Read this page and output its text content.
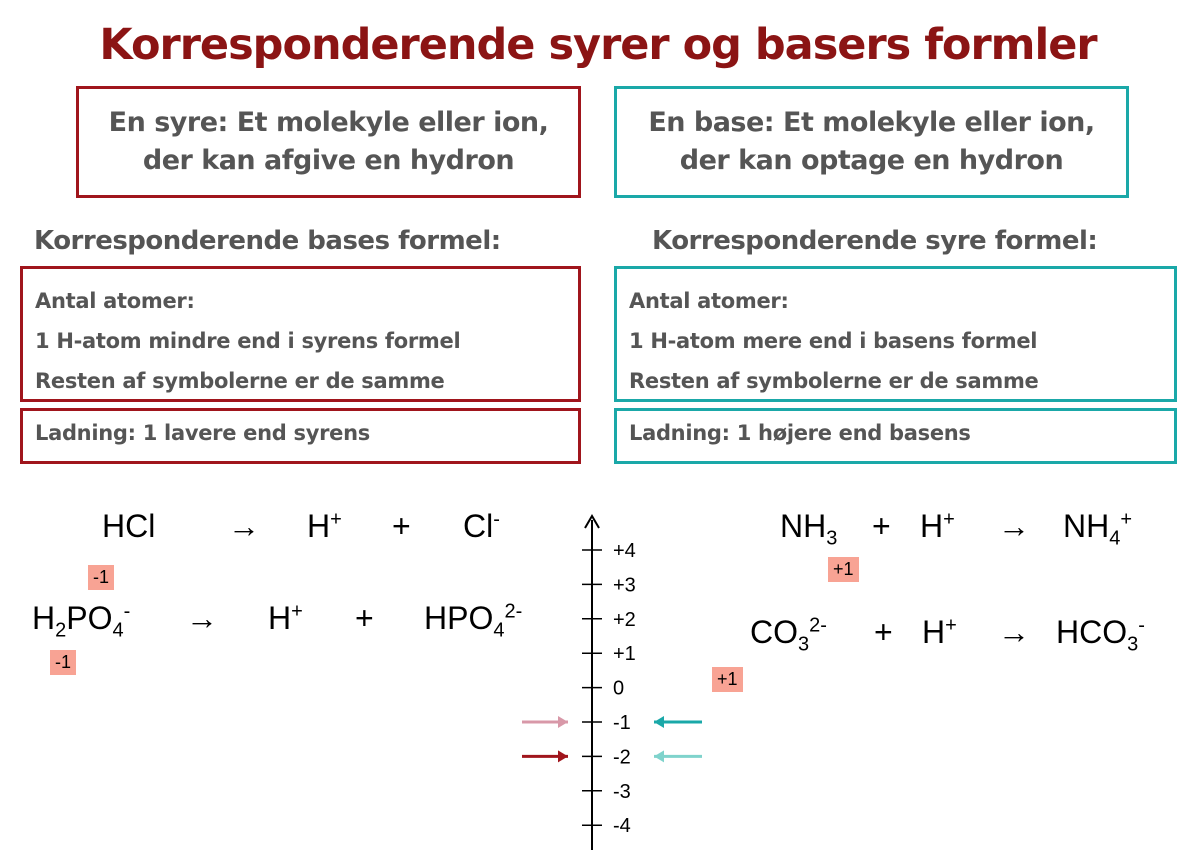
Korresponderende syrer og basers formler
En syre: Et molekyle eller ion,
der kan afgive en hydron
En base: Et molekyle eller ion,
der kan optage en hydron
Korresponderende bases formel:	Korresponderende syre formel:
Antal atomer:
1 H-atom mindre end i syrens formel
Resten af symbolerne er de samme
Antal atomer:
1 H-atom mere end i basens formel
Resten af symbolerne er de samme
Ladning: 1 lavere end syrens	Ladning: 1 højere end basens
HCl → H+ + Cl-
$H_2PO_4^- \to H^+ + HPO_4^{2-}$
$NH_3 + H^+ \to NH_4^+$
$CO_3^{2-} + H^+ \to HCO_3^-$
-1
-1
+1
+1
+4
+3
+2
+1
0
-1
-2
-3
-4
